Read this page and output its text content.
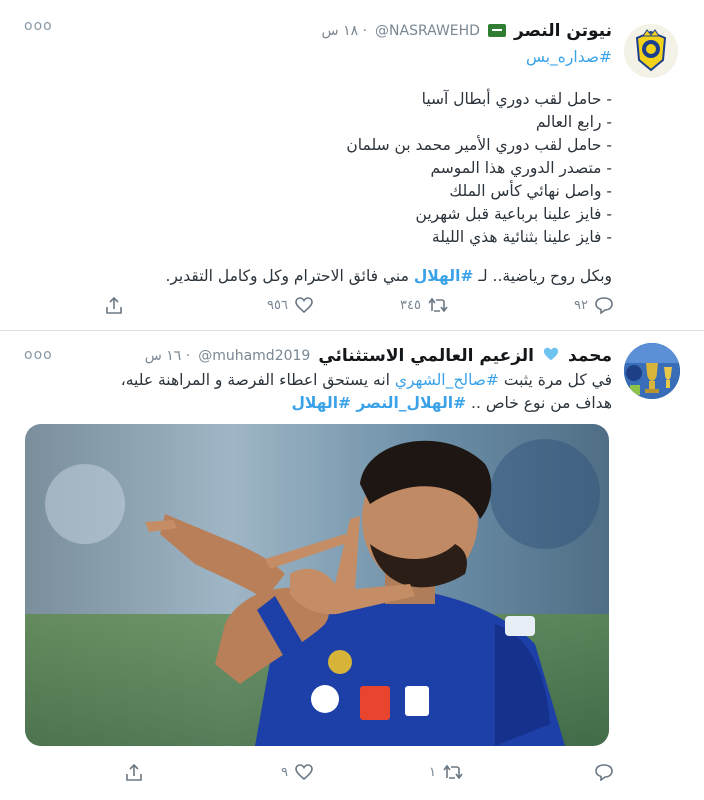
ooo	نيوتن النصر
@NASRAWEHD
· ١٨ س
#صداره_بس
- حامل لقب دوري أبطال آسيا
- رابع العالم
- حامل لقب دوري الأمير محمد بن سلمان
- متصدر الدوري هذا الموسم
- واصل نهائي كأس الملك
- فايز علينا برباعية قبل شهرين
- فايز علينا بثنائية هذي الليلة
وبكل روح رياضية.. لـ #الهلال مني فائق الاحترام وكل وكامل التقدير.
٩٢
٣٤٥
٩٥٦
ooo	محمد
الزعيم العالمي الاستثنائي
@muhamd2019
· ١٦ س
في كل مرة يثبت #صالح_الشهري انه يستحق اعطاء الفرصة و المراهنة عليه،
هداف من نوع خاص .. #الهلال_النصر #الهلال
١
٩
